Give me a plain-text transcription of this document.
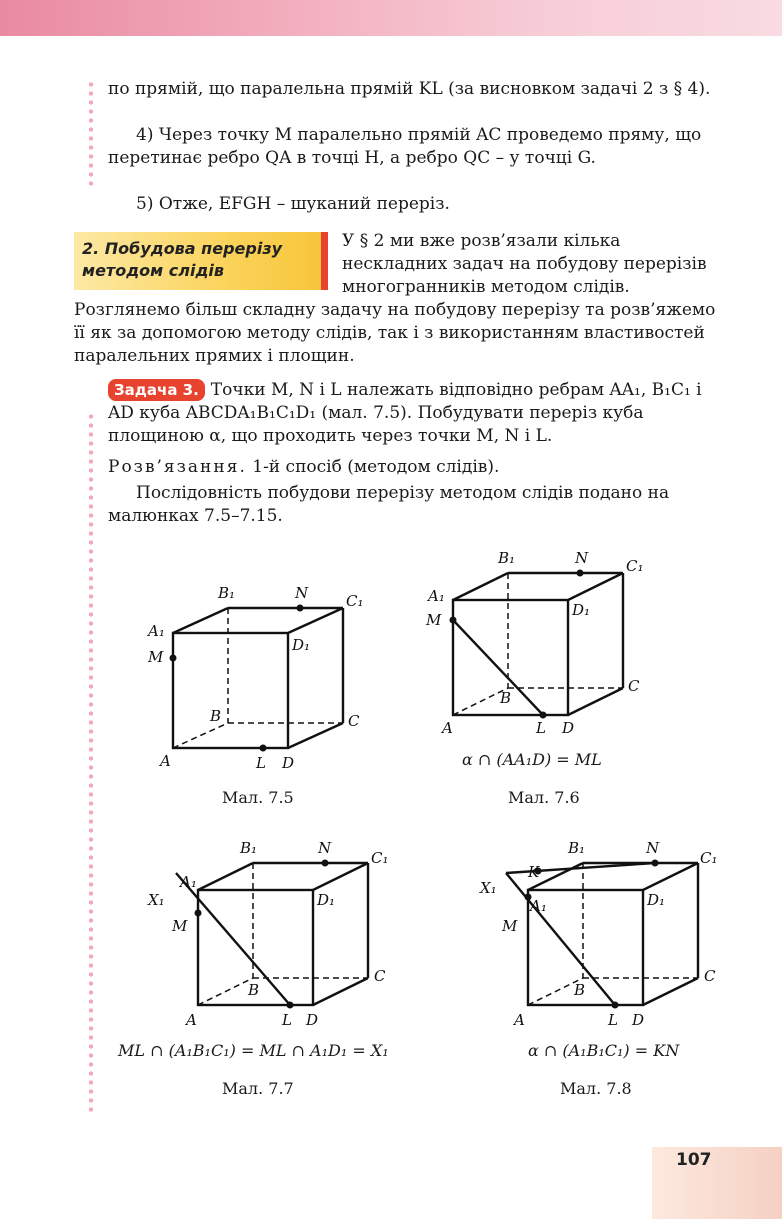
по прямій, що паралельна прямій KL (за висновком задачі 2 з § 4).

4) Через точку M паралельно прямій AC проведемо пряму, що перетинає ребро QA в точці H, а ребро QC – у точці G.

5) Отже, EFGH – шуканий переріз.

2. Побудова перерізу методом слідів

У § 2 ми вже розв’язали кілька нескладних задач на побудову перерізів многогранників методом слідів.

Розглянемо більш складну задачу на побудову перерізу та розв’яжемо її як за допомогою методу слідів, так і з використанням властивостей паралельних прямих і площин.

Задача 3. Точки M, N і L належать відповідно ребрам AA₁, B₁C₁ і AD куба ABCDA₁B₁C₁D₁ (мал. 7.5). Побудувати переріз куба площиною α, що проходить через точки M, N і L.
Розв’язання. 1-й спосіб (методом слідів).

Послідовність побудови перерізу методом слідів подано на малюнках 7.5–7.15.

B₁	N	C₁
A₁
M
D₁
B	C
A	L D
Мал. 7.5
B₁	N	C₁
A₁
M
D₁
B
C
A	L D
α ∩ (AA₁D) = ML
Мал. 7.6
B₁	N
C₁
A₁
X₁
M
D₁
B
C
A	L D
ML ∩ (A₁B₁C₁) = ML ∩ A₁D₁ = X₁
Мал. 7.7
B₁	N
C₁
K
A₁
X₁
M
D₁
B
C
A	L D
α ∩ (A₁B₁C₁) = KN
Мал. 7.8
107
